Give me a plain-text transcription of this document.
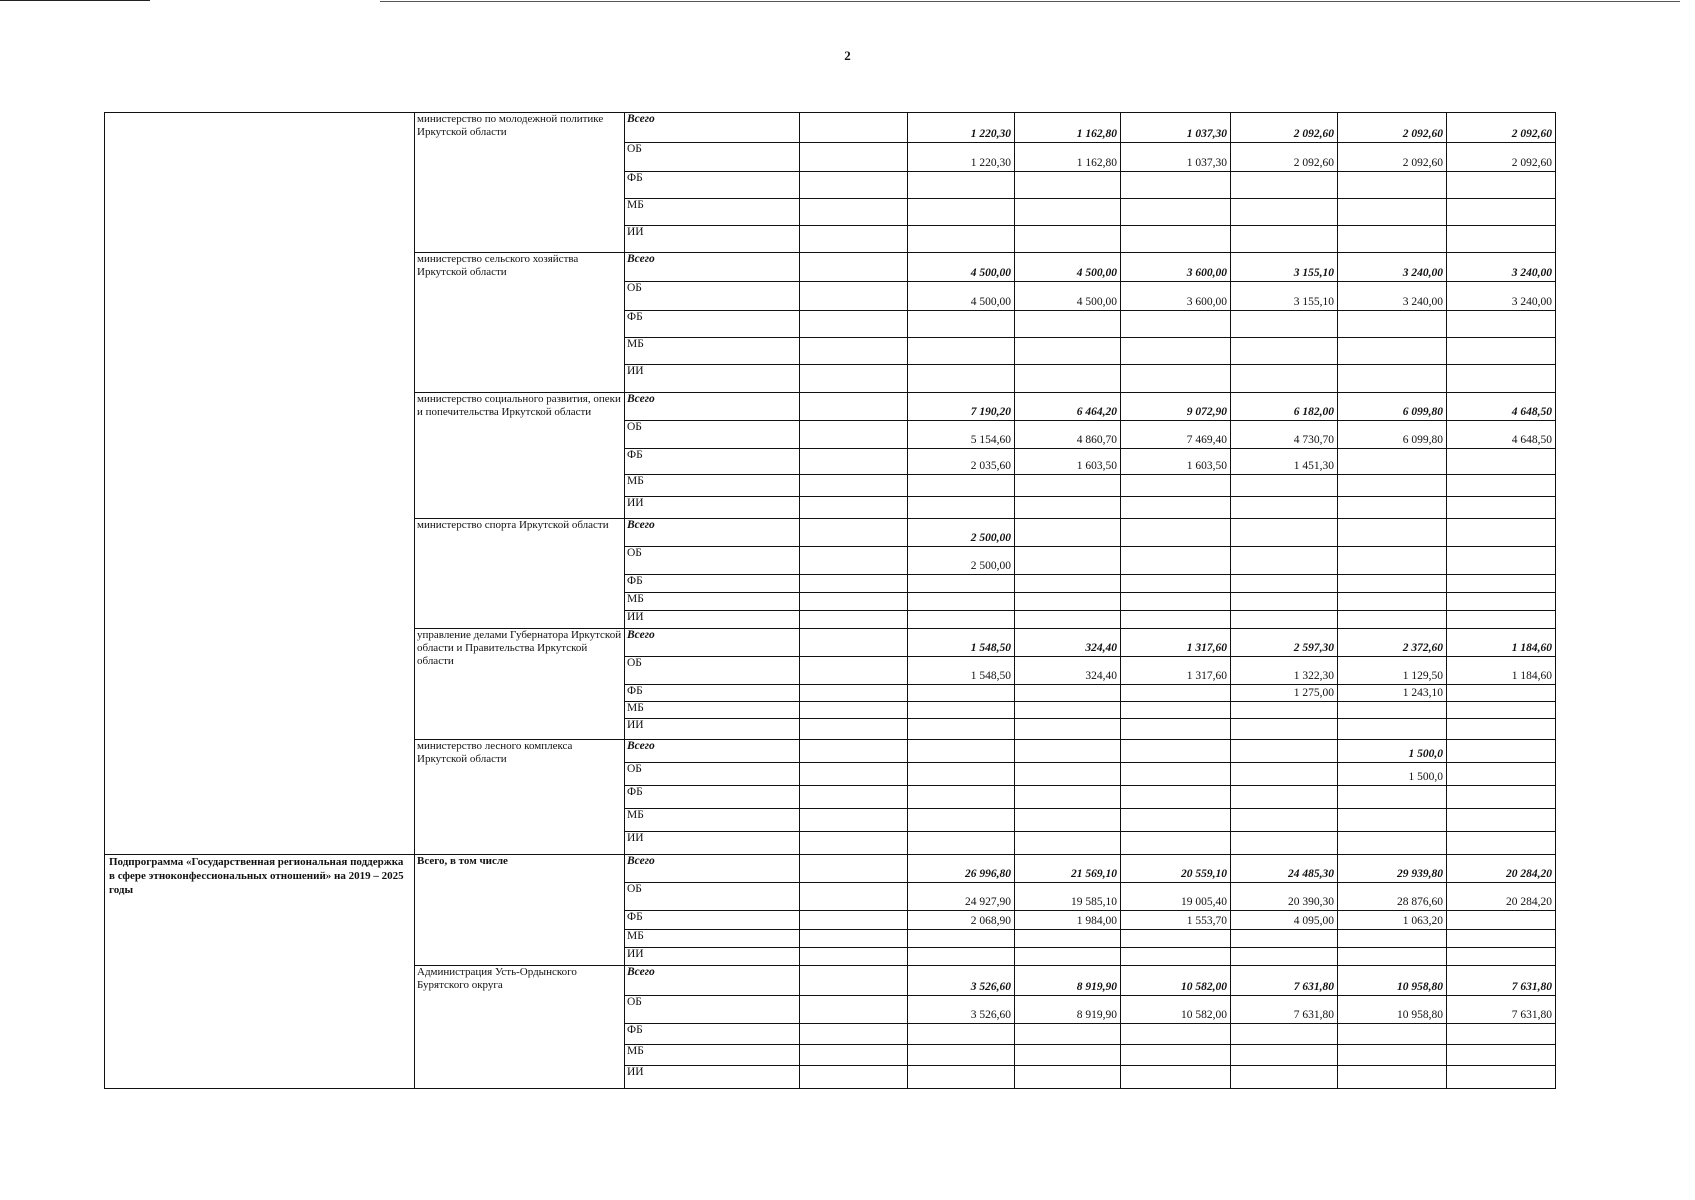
2
	министерство по молодежной политике Иркутской области	Всего		1 220,30	1 162,80	1 037,30	2 092,60	2 092,60	2 092,60	
		ОБ		1 220,30	1 162,80	1 037,30	2 092,60	2 092,60	2 092,60	
		ФБ								
		МБ								
		ИИ								
	министерство сельского хозяйства Иркутской области	Всего		4 500,00	4 500,00	3 600,00	3 155,10	3 240,00	3 240,00	
		ОБ		4 500,00	4 500,00	3 600,00	3 155,10	3 240,00	3 240,00	
		ФБ								
		МБ								
		ИИ								
	министерство социального развития, опеки и попечительства Иркутской области	Всего		7 190,20	6 464,20	9 072,90	6 182,00	6 099,80	4 648,50	
		ОБ		5 154,60	4 860,70	7 469,40	4 730,70	6 099,80	4 648,50	
		ФБ		2 035,60	1 603,50	1 603,50	1 451,30			
		МБ								
		ИИ								
	министерство спорта Иркутской области	Всего		2 500,00						
		ОБ		2 500,00						
		ФБ								
		МБ								
		ИИ								
	управление делами Губернатора Иркутской области и Правительства Иркутской области	Всего		1 548,50	324,40	1 317,60	2 597,30	2 372,60	1 184,60	
		ОБ		1 548,50	324,40	1 317,60	1 322,30	1 129,50	1 184,60	
		ФБ					1 275,00	1 243,10		
		МБ								
		ИИ								
	министерство лесного комплекса Иркутской области	Всего						1 500,0		
		ОБ						1 500,0		
		ФБ								
		МБ								
		ИИ								
Подпрограмма «Государственная региональная поддержка в сфере этноконфессиональных отношений» на 2019 – 2025 годы	Всего, в том числе	Всего		26 996,80	21 569,10	20 559,10	24 485,30	29 939,80	20 284,20	
		ОБ		24 927,90	19 585,10	19 005,40	20 390,30	28 876,60	20 284,20	
		ФБ		2 068,90	1 984,00	1 553,70	4 095,00	1 063,20		
		МБ								
		ИИ								
	Администрация Усть-Ордынского Бурятского округа	Всего		3 526,60	8 919,90	10 582,00	7 631,80	10 958,80	7 631,80	
		ОБ		3 526,60	8 919,90	10 582,00	7 631,80	10 958,80	7 631,80	
		ФБ								
		МБ								
		ИИ								
